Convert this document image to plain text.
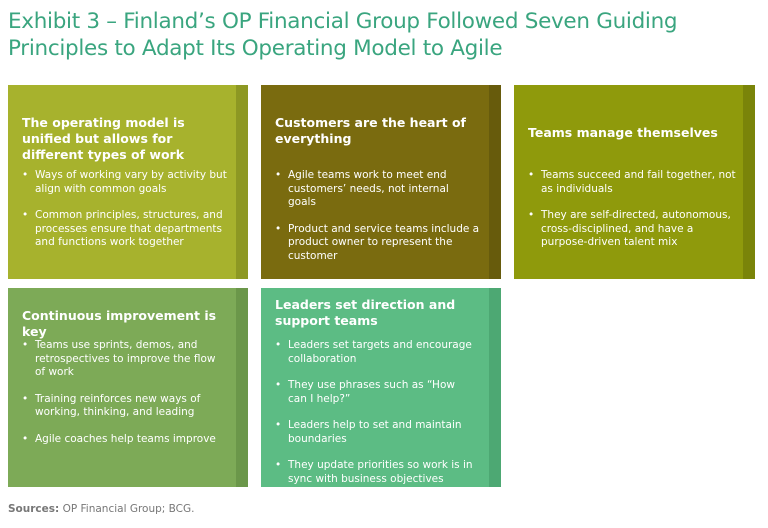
Exhibit 3 – Finland’s OP Financial Group Followed Seven Guiding
Principles to Adapt Its Operating Model to Agile
The operating model is unified but allows for different types of work
• Ways of working vary by activity but align with common goals
• Common principles, structures, and processes ensure that departments and functions work together
Customers are the heart of everything
• Agile teams work to meet end customers’ needs, not internal goals
• Product and service teams include a product owner to represent the customer
Teams manage themselves
• Teams succeed and fail together, not as individuals
• They are self-directed, autonomous, cross-disciplined, and have a purpose-driven talent mix
Continuous improvement is key
• Teams use sprints, demos, and retrospectives to improve the flow of work
• Training reinforces new ways of working, thinking, and leading
• Agile coaches help teams improve
Leaders set direction and support teams
• Leaders set targets and encourage collaboration
• They use phrases such as “How can I help?”
• Leaders help to set and maintain boundaries
• They update priorities so work is in sync with business objectives
Sources: OP Financial Group; BCG.
